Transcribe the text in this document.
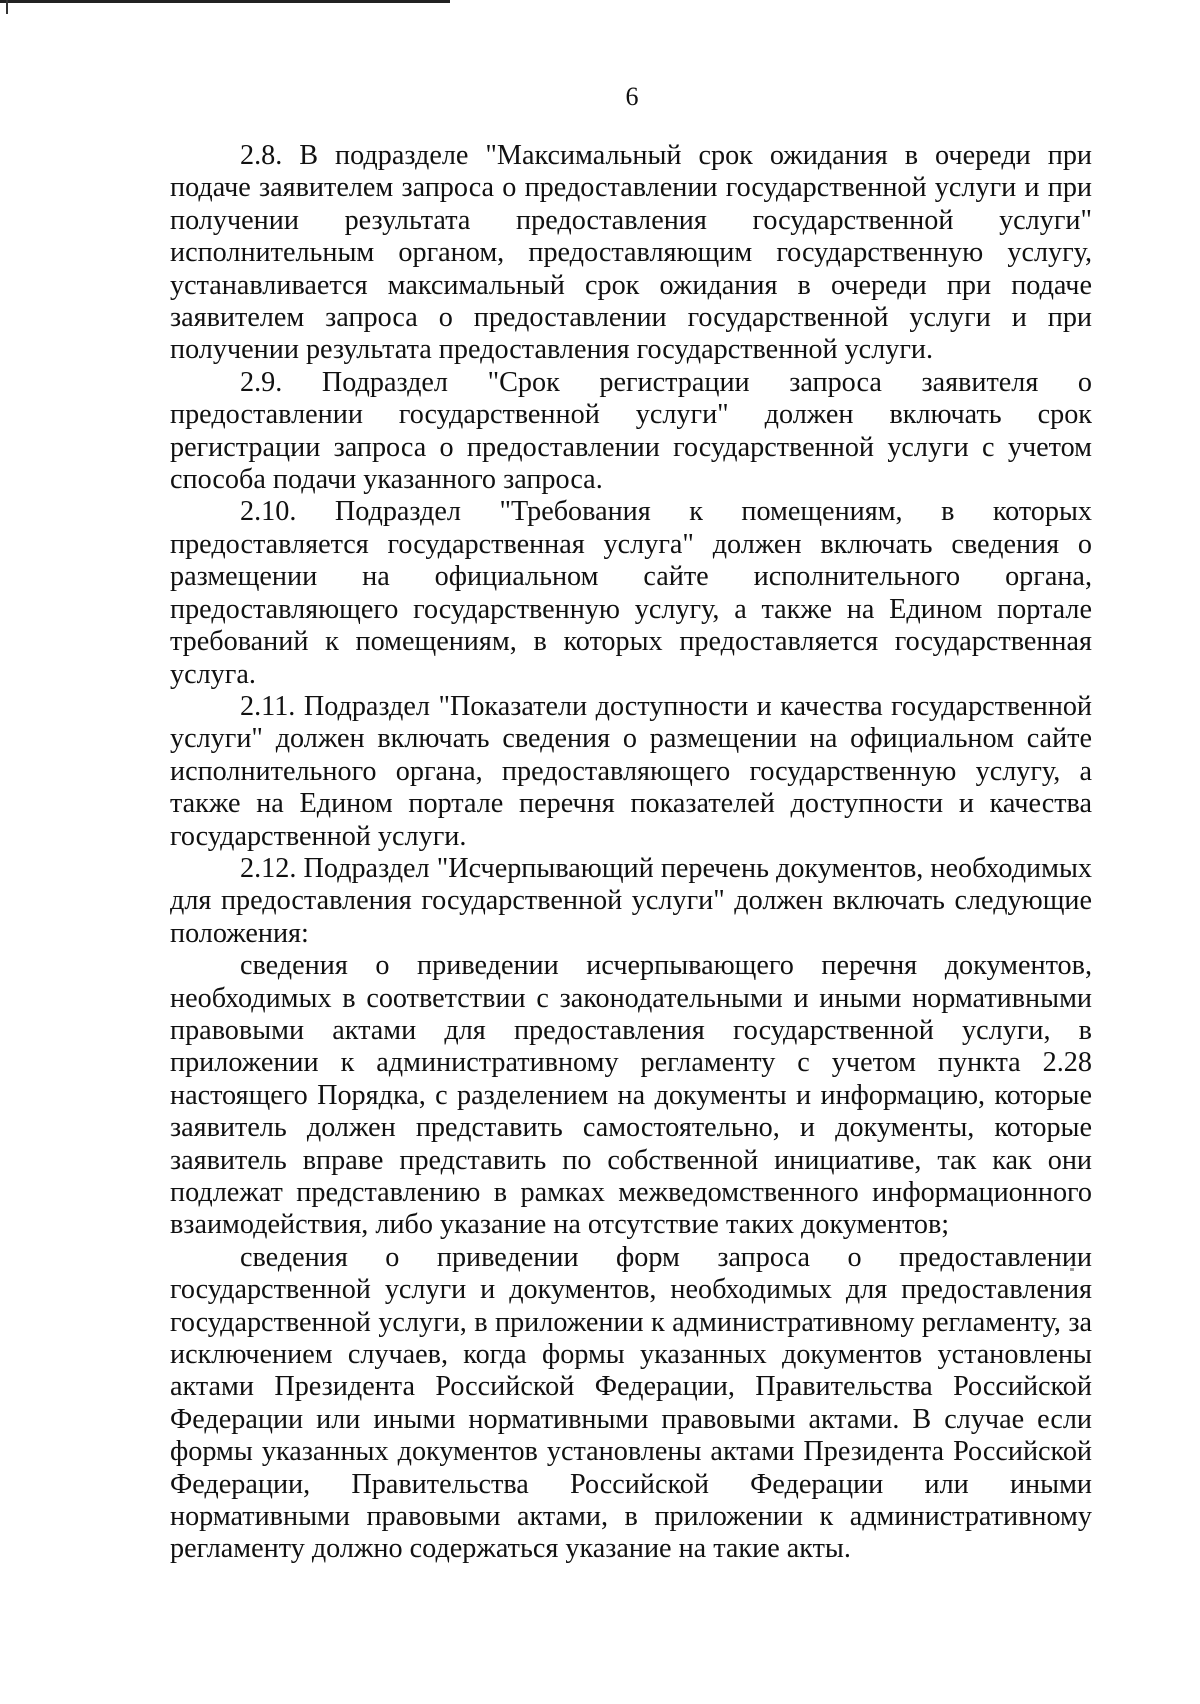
6

2.8. В подразделе "Максимальный срок ожидания в очереди при подаче заявителем запроса о предоставлении государственной услуги и при получении результата предоставления государственной услуги" исполнительным органом, предоставляющим государственную услугу, устанавливается максимальный срок ожидания в очереди при подаче заявителем запроса о предоставлении государственной услуги и при получении результата предоставления государственной услуги.

2.9. Подраздел "Срок регистрации запроса заявителя о предоставлении государственной услуги" должен включать срок регистрации запроса о предоставлении государственной услуги с учетом способа подачи указанного запроса.

2.10. Подраздел "Требования к помещениям, в которых предоставляется государственная услуга" должен включать сведения о размещении на официальном сайте исполнительного органа, предоставляющего государственную услугу, а также на Едином портале требований к помещениям, в которых предоставляется государственная услуга.

2.11. Подраздел "Показатели доступности и качества государственной услуги" должен включать сведения о размещении на официальном сайте исполнительного органа, предоставляющего государственную услугу, а также на Едином портале перечня показателей доступности и качества государственной услуги.

2.12. Подраздел "Исчерпывающий перечень документов, необходимых для предоставления государственной услуги" должен включать следующие положения:

сведения о приведении исчерпывающего перечня документов, необходимых в соответствии с законодательными и иными нормативными правовыми актами для предоставления государственной услуги, в приложении к административному регламенту с учетом пункта 2.28 настоящего Порядка, с разделением на документы и информацию, которые заявитель должен представить самостоятельно, и документы, которые заявитель вправе представить по собственной инициативе, так как они подлежат представлению в рамках межведомственного информационного взаимодействия, либо указание на отсутствие таких документов;

сведения о приведении форм запроса о предоставлении государственной услуги и документов, необходимых для предоставления государственной услуги, в приложении к административному регламенту, за исключением случаев, когда формы указанных документов установлены актами Президента Российской Федерации, Правительства Российской Федерации или иными нормативными правовыми актами. В случае если формы указанных документов установлены актами Президента Российской Федерации, Правительства Российской Федерации или иными нормативными правовыми актами, в приложении к административному регламенту должно содержаться указание на такие акты.
